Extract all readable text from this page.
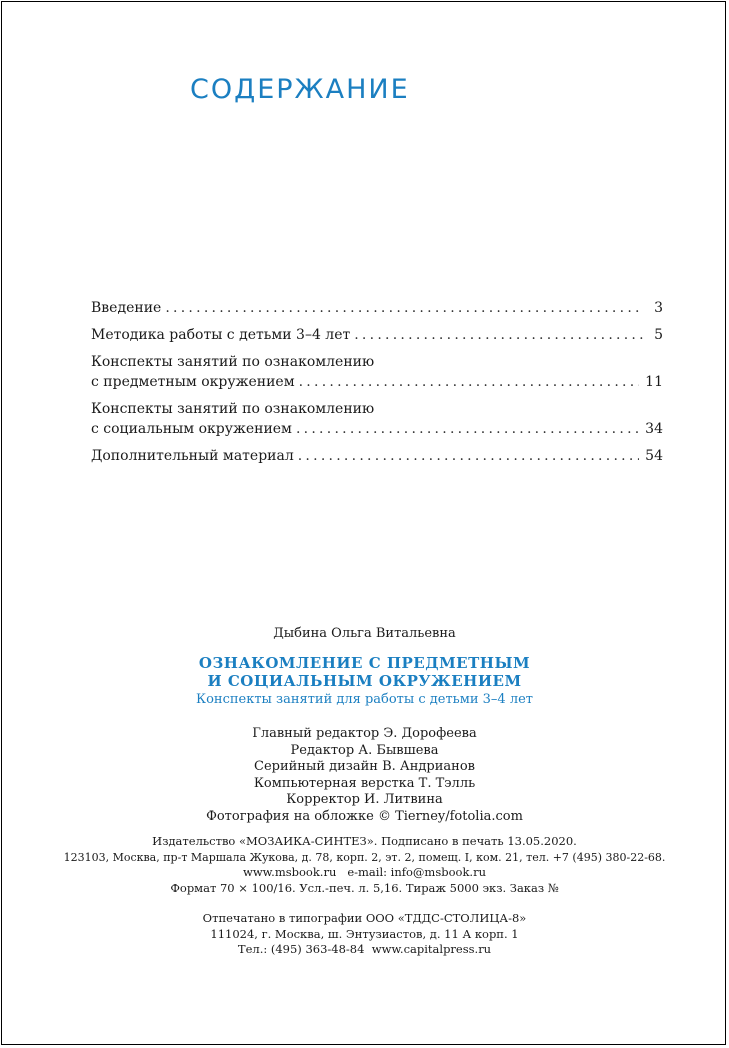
СОДЕРЖАНИЕ
Введение . . .	3
Методика работы с детьми 3–4 лет . . .	5
Конспекты занятий по ознакомлению
с предметным окружением . . .	11
Конспекты занятий по ознакомлению
с социальным окружением . . .	34
Дополнительный материал . . .	54
Дыбина Ольга Витальевна
ОЗНАКОМЛЕНИЕ С ПРЕДМЕТНЫМ
И СОЦИАЛЬНЫМ ОКРУЖЕНИЕМ
Конспекты занятий для работы с детьми 3–4 лет
Главный редактор Э. Дорофеева
Редактор А. Бывшева
Серийный дизайн В. Андрианов
Компьютерная верстка Т. Тэлль
Корректор И. Литвина
Фотография на обложке © Tierney/fotolia.com
Издательство «МОЗАИКА-СИНТЕЗ». Подписано в печать 13.05.2020.
123103, Москва, пр-т Маршала Жукова, д. 78, корп. 2, эт. 2, помещ. I, ком. 21, тел. +7 (495) 380-22-68.
www.msbook.ru   e-mail: info@msbook.ru
Формат 70 × 100/16. Усл.-печ. л. 5,16. Тираж 5000 экз. Заказ №
Отпечатано в типографии ООО «ТДДС-СТОЛИЦА-8»
111024, г. Москва, ш. Энтузиастов, д. 11 А корп. 1
Тел.: (495) 363-48-84  www.capitalpress.ru
